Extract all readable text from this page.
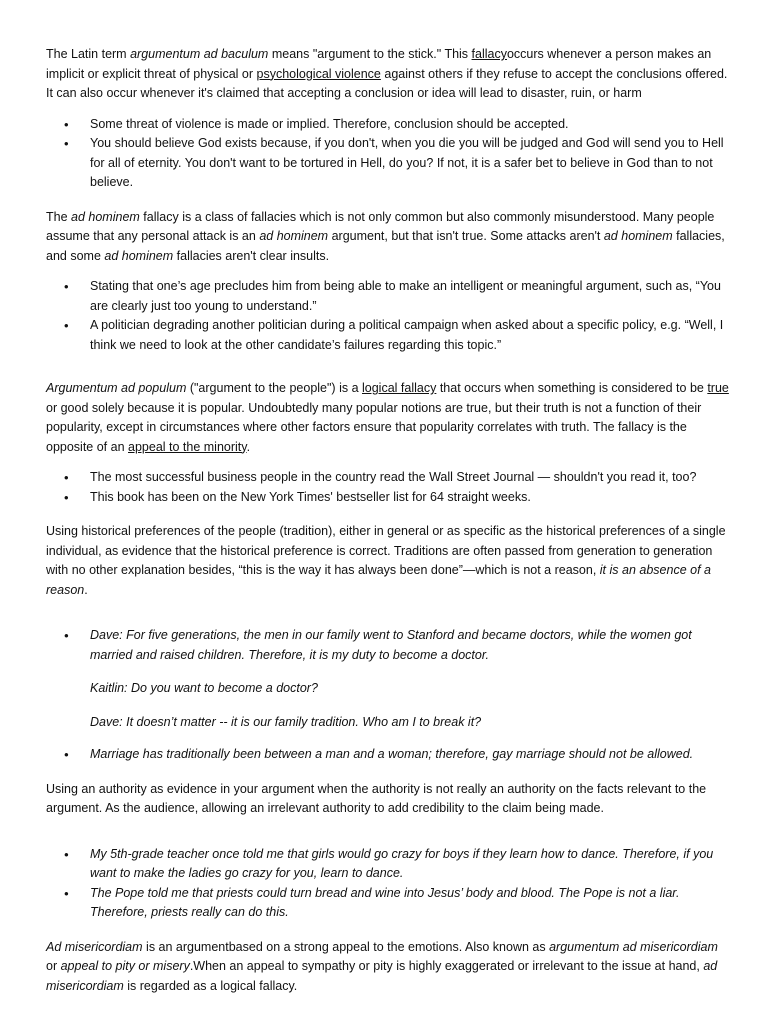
The Latin term argumentum ad baculum means "argument to the stick." This fallacyoccurs whenever a person makes an implicit or explicit threat of physical or psychological violence against others if they refuse to accept the conclusions offered. It can also occur whenever it's claimed that accepting a conclusion or idea will lead to disaster, ruin, or harm

• Some threat of violence is made or implied. Therefore, conclusion should be accepted.
• You should believe God exists because, if you don't, when you die you will be judged and God will send you to Hell for all of eternity. You don't want to be tortured in Hell, do you? If not, it is a safer bet to believe in God than to not believe.

The ad hominem fallacy is a class of fallacies which is not only common but also commonly misunderstood. Many people assume that any personal attack is an ad hominem argument, but that isn't true. Some attacks aren't ad hominem fallacies, and some ad hominem fallacies aren't clear insults.

• Stating that one’s age precludes him from being able to make an intelligent or meaningful argument, such as, “You are clearly just too young to understand.”
• A politician degrading another politician during a political campaign when asked about a specific policy, e.g. “Well, I think we need to look at the other candidate’s failures regarding this topic.”

Argumentum ad populum ("argument to the people") is a logical fallacy that occurs when something is considered to be true or good solely because it is popular. Undoubtedly many popular notions are true, but their truth is not a function of their popularity, except in circumstances where other factors ensure that popularity correlates with truth. The fallacy is the opposite of an appeal to the minority.

• The most successful business people in the country read the Wall Street Journal — shouldn't you read it, too?
• This book has been on the New York Times' bestseller list for 64 straight weeks.

Using historical preferences of the people (tradition), either in general or as specific as the historical preferences of a single individual, as evidence that the historical preference is correct. Traditions are often passed from generation to generation with no other explanation besides, “this is the way it has always been done”—which is not a reason, it is an absence of a reason.

• Dave: For five generations, the men in our family went to Stanford and became doctors, while the women got married and raised children. Therefore, it is my duty to become a doctor.
Kaitlin: Do you want to become a doctor?
Dave: It doesn’t matter -- it is our family tradition. Who am I to break it?
• Marriage has traditionally been between a man and a woman; therefore, gay marriage should not be allowed.

Using an authority as evidence in your argument when the authority is not really an authority on the facts relevant to the argument. As the audience, allowing an irrelevant authority to add credibility to the claim being made.

• My 5th-grade teacher once told me that girls would go crazy for boys if they learn how to dance. Therefore, if you want to make the ladies go crazy for you, learn to dance.
• The Pope told me that priests could turn bread and wine into Jesus’ body and blood. The Pope is not a liar. Therefore, priests really can do this.

Ad misericordiam is an argumentbased on a strong appeal to the emotions. Also known as argumentum ad misericordiam or appeal to pity or misery.When an appeal to sympathy or pity is highly exaggerated or irrelevant to the issue at hand, ad misericordiam is regarded as a logical fallacy.
